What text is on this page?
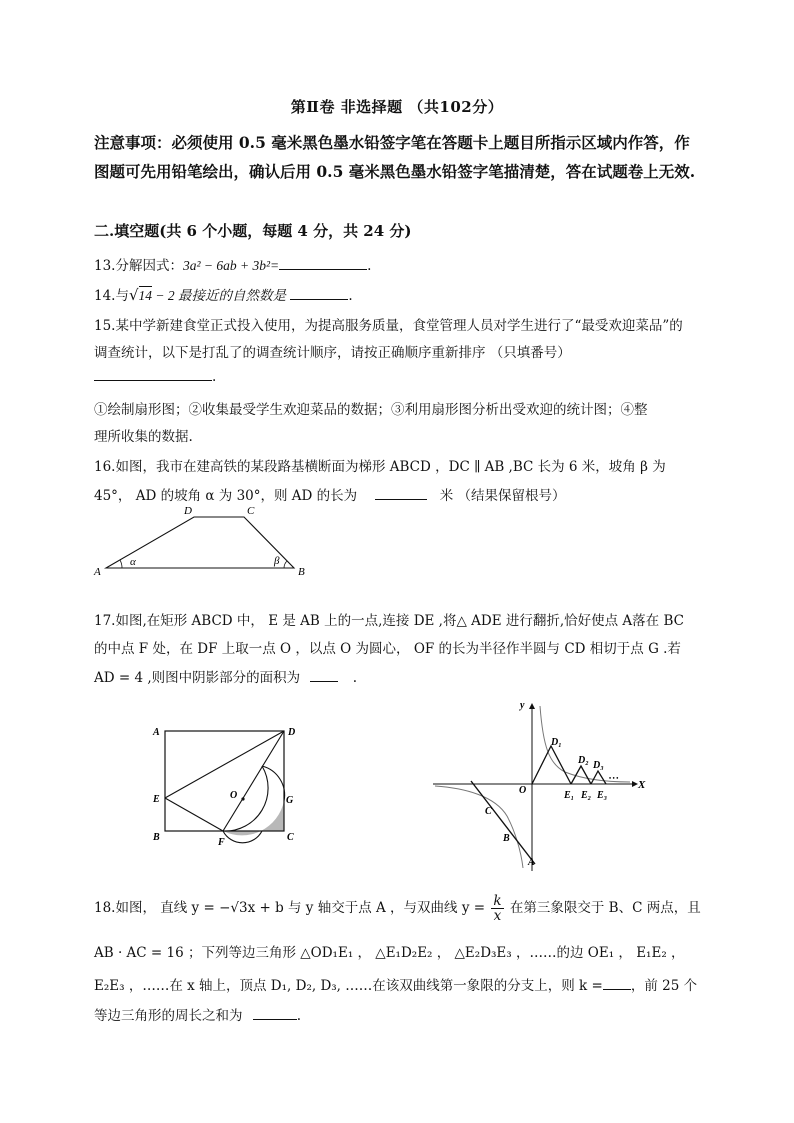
第Ⅱ卷 非选择题 （共102分）
注意事项：必须使用 0.5 毫米黑色墨水铅签字笔在答题卡上题目所指示区域内作答，作图题可先用铅笔绘出，确认后用 0.5 毫米黑色墨水铅签字笔描清楚，答在试题卷上无效.
二.填空题(共 6 个小题，每题 4 分，共 24 分)
13.分解因式：3a² − 6ab + 3b²=	.
14.与√14 − 2 最接近的自然数是	.
15.某中学新建食堂正式投入使用，为提高服务质量，食堂管理人员对学生进行了“最受欢迎菜品”的
调查统计，以下是打乱了的调查统计顺序，请按正确顺序重新排序 （只填番号）
.
①绘制扇形图；②收集最受学生欢迎菜品的数据；③利用扇形图分析出受欢迎的统计图；④整
理所收集的数据.
16.如图，我市在建高铁的某段路基横断面为梯形 ABCD ，DC ∥ AB ,BC 长为 6 米，坡角 β 为
45°， AD 的坡角 α 为 30°，则 AD 的长为	米 （结果保留根号）
A	B
C
D
α	β
17.如图,在矩形 ABCD 中， E 是 AB 上的一点,连接 DE ,将△ ADE 进行翻折,恰好使点 A落在 BC
的中点 F 处，在 DF 上取一点 O ，以点 O 为圆心， OF 的长为半径作半圆与 CD 相切于点 G .若
AD = 4 ,则图中阴影部分的面积为	.
A	D
E
B	C
F
G
O
y
X
O
D₁
D₂ D₃
E₁ E₂ E₃
• • •
C
B
A
18.如图， 直线 y = −√3x + b 与 y 轴交于点 A ，与双曲线 $y = \frac{k}{x}$ 在第三象限交于 B、C 两点，且
AB · AC = 16 ；下列等边三角形 △OD₁E₁ ， △E₁D₂E₂ ， △E₂D₃E₃ ，……的边 OE₁ ， E₁E₂ ，
E₂E₃ ，……在 x 轴上，顶点 D₁, D₂, D₃, ……在该双曲线第一象限的分支上，则 k = ，前 25 个
等边三角形的周长之和为	.
